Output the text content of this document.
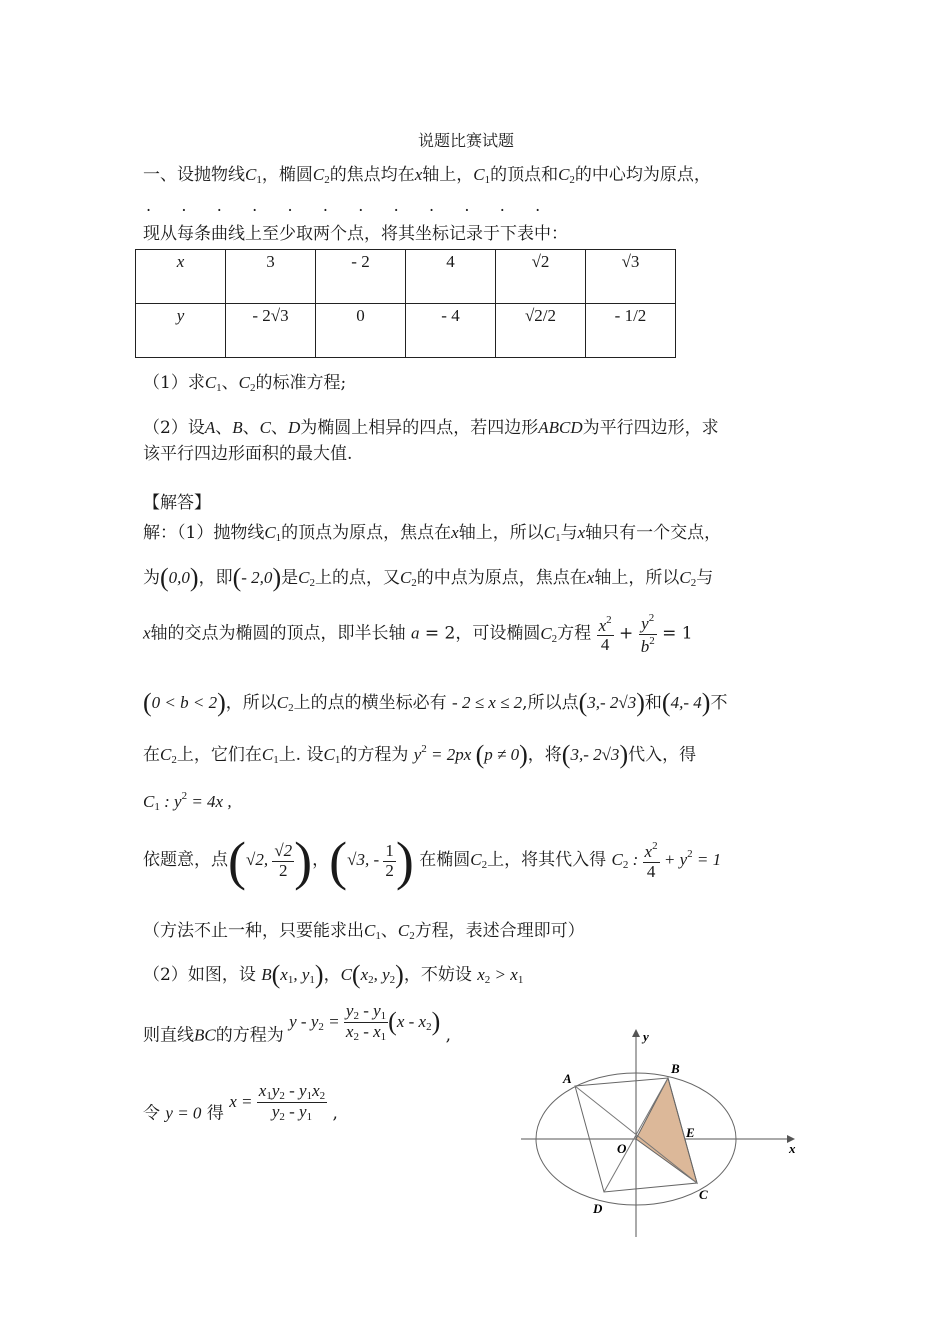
说题比赛试题
一、设抛物线$C_1$，椭圆$C_2$的焦点均在x轴上，$C_1$的顶点和$C_2$的中心均为原点，
. . . . . . . . . . . .
现从每条曲线上至少取两个点，将其坐标记录于下表中：
x	3	- 2	4	√2	√3
y	- 2√3	0	- 4	√2/2	- 1/2
（1）求$C_1$、$C_2$的标准方程;
（2）设A、B、C、D为椭圆上相异的四点，若四边形ABCD为平行四边形，求
该平行四边形面积的最大值.
【解答】
解：（1）抛物线$C_1$的顶点为原点，焦点在x轴上，所以$C_1$与x轴只有一个交点，
为(0,0)，即(- 2,0)是$C_2$上的点，又$C_2$的中点为原点，焦点在x轴上，所以$C_2$与
x轴的交点为椭圆的顶点，即半长轴 a = 2，可设椭圆$C_2$方程 $\frac{x^2}{4} + \frac{y^2}{b^2} = 1$
(0 < b < 2)，所以$C_2$上的点的横坐标必有 - 2 ≤ x ≤ 2,所以点(3,- 2√3)和(4,- 4)不
在$C_2$上，它们在$C_1$上. 设$C_1$的方程为 $y^2 = 2px$ (p ≠ 0)，将(3,- 2√3)代入，得
$C_1$ : $y^2 = 4x$ ,
依题意，点(√2, $\frac{√2}{2}$ )，(√3, - $\frac{1}{2}$ ) 在椭圆$C_2$上，将其代入得 $C_2$ : $\frac{x^2}{4} + y^2 = 1$
（方法不止一种，只要能求出$C_1$、$C_2$方程，表述合理即可）
（2）如图，设 $B(x_1$, $y_1$)，$C(x_2$, $y_2$)，不妨设 $x_2 > x_1$
则直线BC的方程为 $y - y_2 = \frac{y_2 - y_1}{x_2 - x_1} (x - x_2)$ ,
令 y = 0 得 $x = \frac{x_1y_2 - y_1x_2}{y_2 - y_1}$ ,
A
B
C
D
E
O	x
y
